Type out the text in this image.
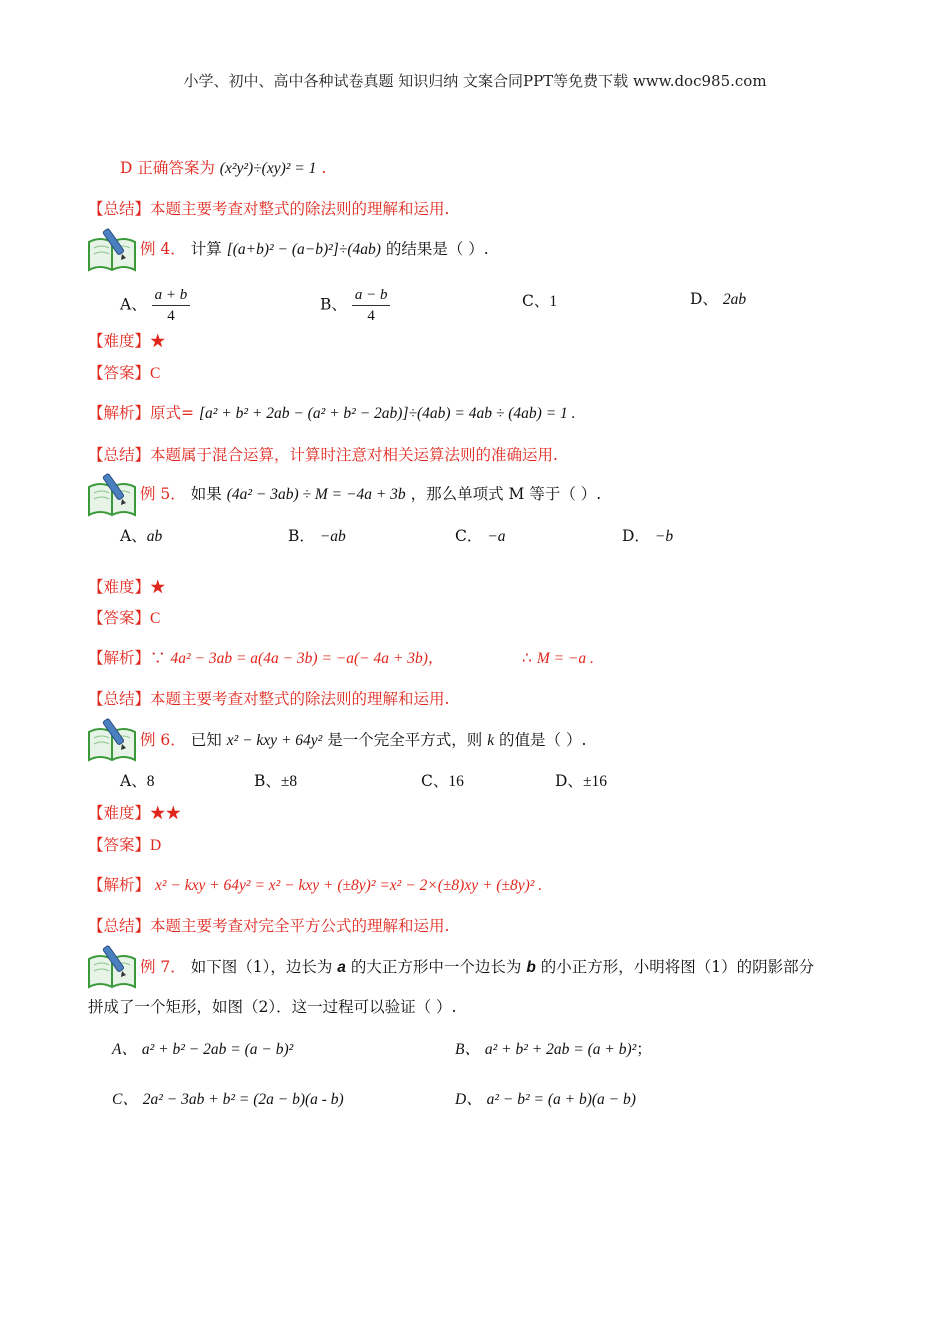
小学、初中、高中各种试卷真题 知识归纳 文案合同PPT等免费下载 www.doc985.com
D 正确答案为 (x²y²)÷(xy)² = 1 .
【总结】本题主要考查对整式的除法则的理解和运用.
例 4． 计算 [(a+b)² − (a−b)²]÷(4ab) 的结果是（ ）.
A、 $\frac{a + b}{4}$	B、 $\frac{a - b}{4}$	C、1	D、 2ab
【难度】★
【答案】C
【解析】原式= [a² + b² + 2ab − (a² + b² − 2ab)]÷(4ab) = 4ab ÷ (4ab) = 1 .
【总结】本题属于混合运算，计算时注意对相关运算法则的准确运用.
例 5． 如果 (4a² − 3ab) ÷ M = −4a + 3b ，那么单项式 M 等于（ ）.
A、ab	B． −ab	C． −a	D． −b
【难度】★
【答案】C
【解析】∵ 4a² − 3ab = a(4a − 3b) = −a(− 4a + 3b)，	∴ M = −a .
【总结】本题主要考查对整式的除法则的理解和运用.
例 6． 已知 x² − kxy + 64y² 是一个完全平方式，则 k 的值是（ ）.
A、8	B、±8	C、16	D、±16
【难度】★★
【答案】D
【解析】 x² − kxy + 64y² = x² − kxy + (±8y)² =x² − 2×(±8)xy + (±8y)² .
【总结】本题主要考查对完全平方公式的理解和运用.
例 7． 如下图（1），边长为 a 的大正方形中一个边长为 b 的小正方形，小明将图（1）的阴影部分
拼成了一个矩形，如图（2）．这一过程可以验证（ ）.
A、 a² + b² − 2ab = (a − b)²	B、 a² + b² + 2ab = (a + b)²；
C、 2a² − 3ab + b² = (2a − b)(a - b)	D、 a² − b² = (a + b)(a − b)
